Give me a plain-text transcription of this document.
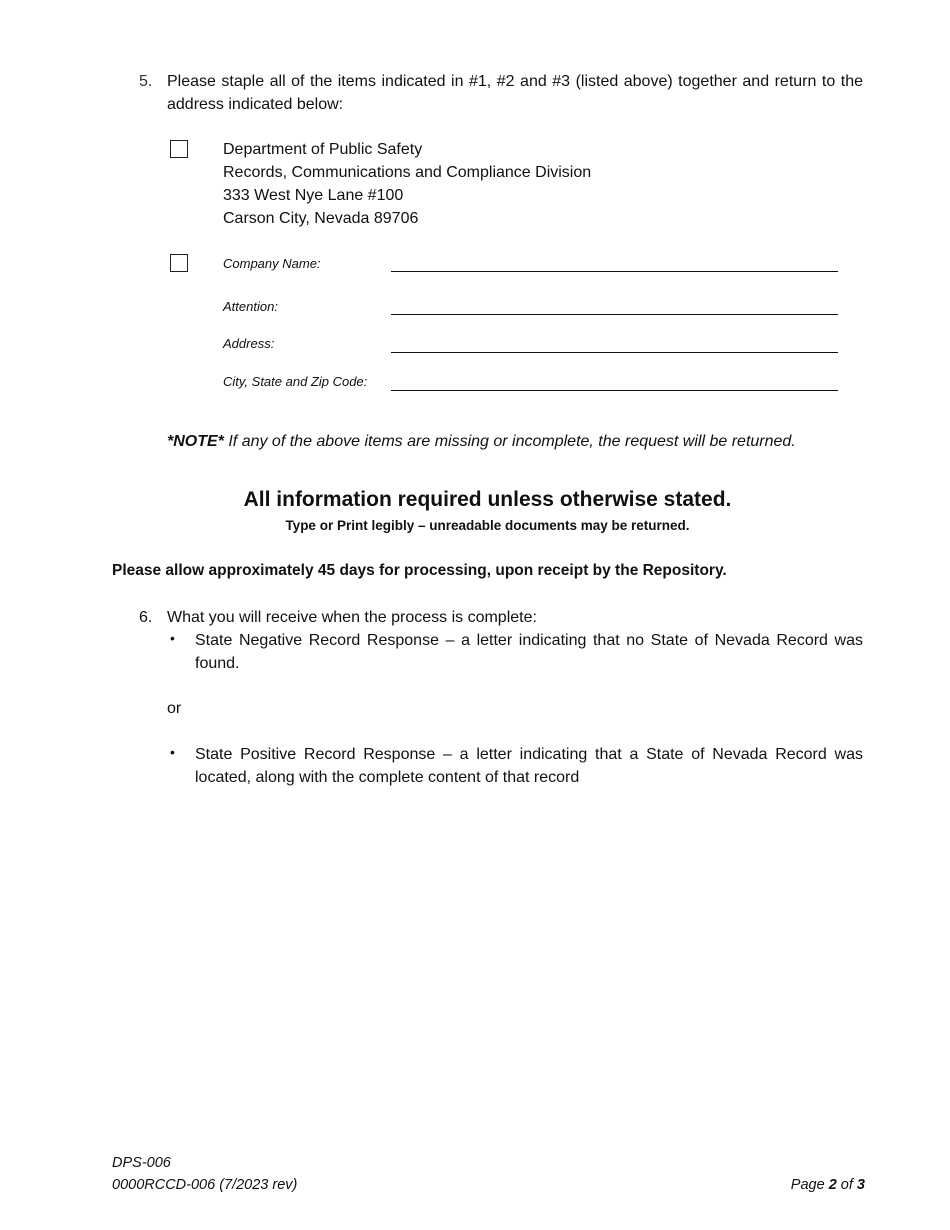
5. Please staple all of the items indicated in #1, #2 and #3 (listed above) together and return to the address indicated below:
Department of Public Safety
Records, Communications and Compliance Division
333 West Nye Lane #100
Carson City, Nevada 89706
Company Name:
Attention:
Address:
City, State and Zip Code:
*NOTE* If any of the above items are missing or incomplete, the request will be returned.
All information required unless otherwise stated.
Type or Print legibly – unreadable documents may be returned.
Please allow approximately 45 days for processing, upon receipt by the Repository.
6. What you will receive when the process is complete:
• State Negative Record Response – a letter indicating that no State of Nevada Record was found.
or
• State Positive Record Response – a letter indicating that a State of Nevada Record was located, along with the complete content of that record
DPS-006
0000RCCD-006 (7/2023 rev)	Page 2 of 3
